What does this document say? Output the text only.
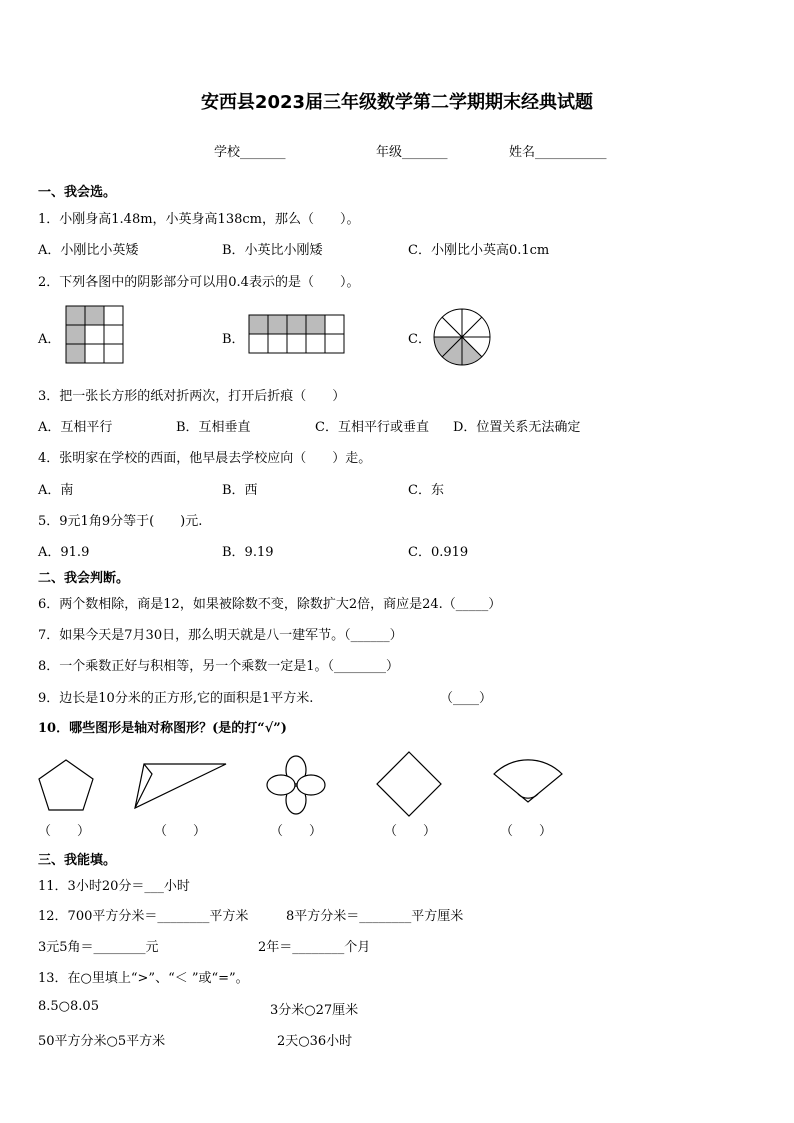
安西县2023届三年级数学第二学期期末经典试题
学校_______	年级_______	姓名___________
一、我会选。
1．小刚身高1.48m，小英身高138cm，那么（　　）。
A．小刚比小英矮	B．小英比小刚矮	C．小刚比小英高0.1cm
2．下列各图中的阴影部分可以用0.4表示的是（　　）。
A．	B．	C．
3．把一张长方形的纸对折两次，打开后折痕（　　）
A．互相平行	B．互相垂直	C．互相平行或垂直 D．位置关系无法确定
4．张明家在学校的西面，他早晨去学校应向（　　）走。
A．南	B．西	C．东
5．9元1角9分等于(　　)元.
A．91.9	B．9.19	C．0.919
二、我会判断。
6．两个数相除，商是12，如果被除数不变，除数扩大2倍，商应是24.（_____）
7．如果今天是7月30日，那么明天就是八一建军节。（______）
8．一个乘数正好与积相等，另一个乘数一定是1。（________）
9．边长是10分米的正方形,它的面积是1平方米.	（____）
10．哪些图形是轴对称图形？(是的打“√”)
（　　）	（　　）	（　　）	（　　）	（　　）
三、我能填。
11．3小时20分＝___小时
12．700平方分米＝________平方米	8平方分米＝________平方厘米
3元5角＝________元	2年＝________个月
13．在○里填上“>”、“＜ ”或“=”。
8.5○8.05	3分米○27厘米
50平方分米○5平方米	2天○36小时
